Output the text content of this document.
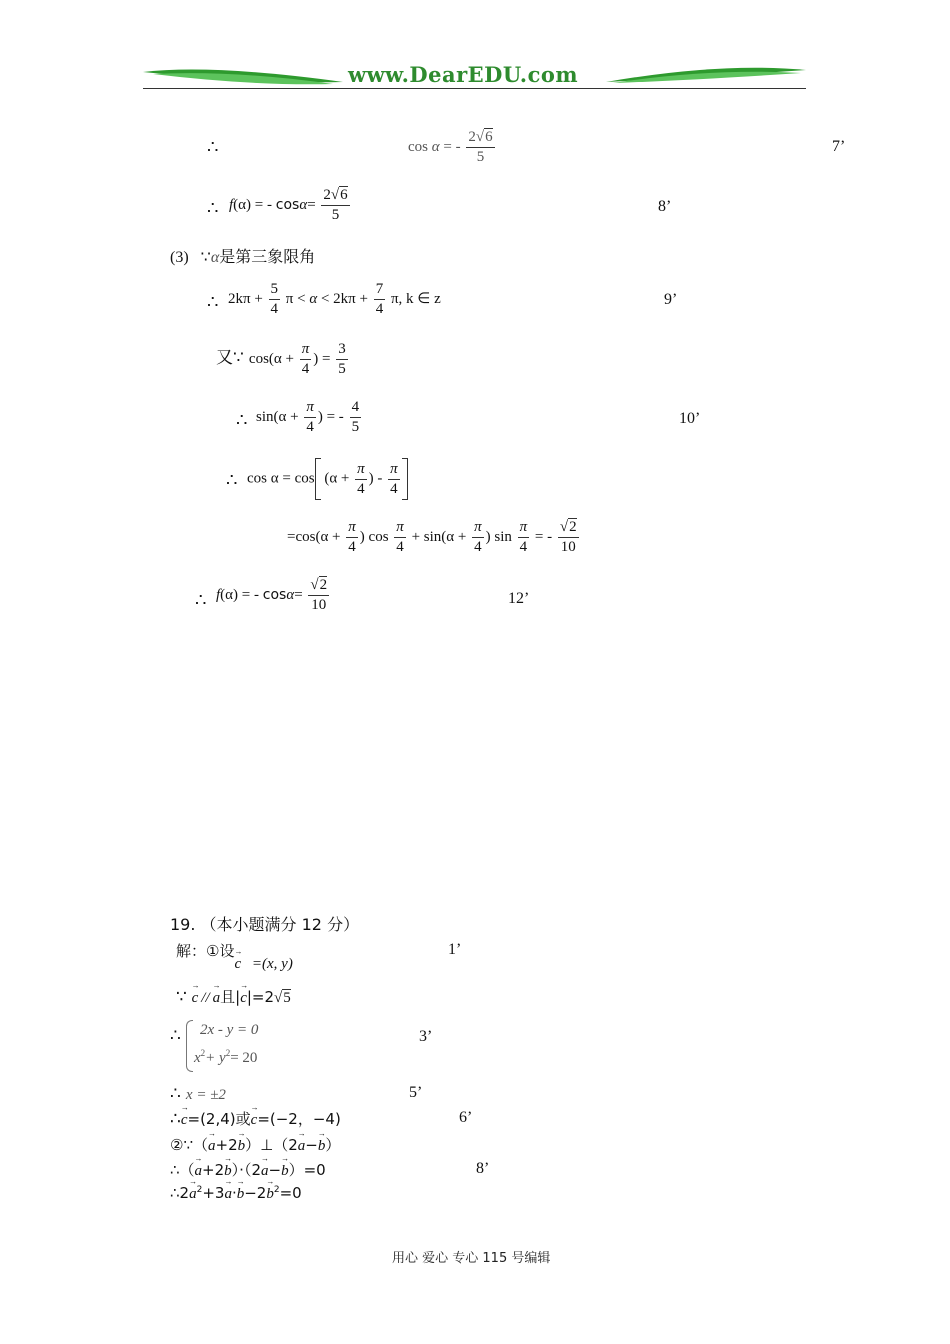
www.DearEDU.com
∴	cos α = - $\frac{2√6}{5}$	7’
∴ f(α) = - $\cos\alpha= \frac{2√6}{5}$	8’
(3) ∵α是第三象限角
∴ $2k\pi + \frac{5}{4}$ $\pi < \alpha < 2k\pi + \frac{7}{4} \pi$, k ∈ z	9’
又∵ $\cos(\alpha + \frac{\pi}{4}$ ) = $\frac{3}{5}$
∴ $\sin(\alpha + \frac{\pi}{4}$ ) = - $\frac{4}{5}$	10’
∴ $\cos \alpha = \cos (\alpha + \frac{\pi}{4}$ ) - $\frac{\pi}{4}$
$=\cos(\alpha + \frac{\pi}{4}$ ) $\cos \frac{\pi}{4} + \sin(\alpha + \frac{\pi}{4}$ ) $\sin \frac{\pi}{4}$ = - $\frac{√2}{10}$
∴ f(α) = - $\cos\alpha= \frac{√2}{10}$	12’
19. （本小题满分 12 分）
解：①设→ c =(x, y)
1’
∵ → c // → a且|→ c|=2√5
∴ 2x - y = 0
$x^2+ y^2= 20$
3’
∴ x = ±2	5’
∴→ c=(2,4)或→ c=(−2，−4)	6’
②∵（→ a+2→ b）⊥（2→ a−→ b）
∴（→ a+2→ b）·（2→ a−→ b）=0	8’
∴2→ $a^2+3\to a\cdot\to b-2\to b^2=0$
用心 爱心 专心 115 号编辑
